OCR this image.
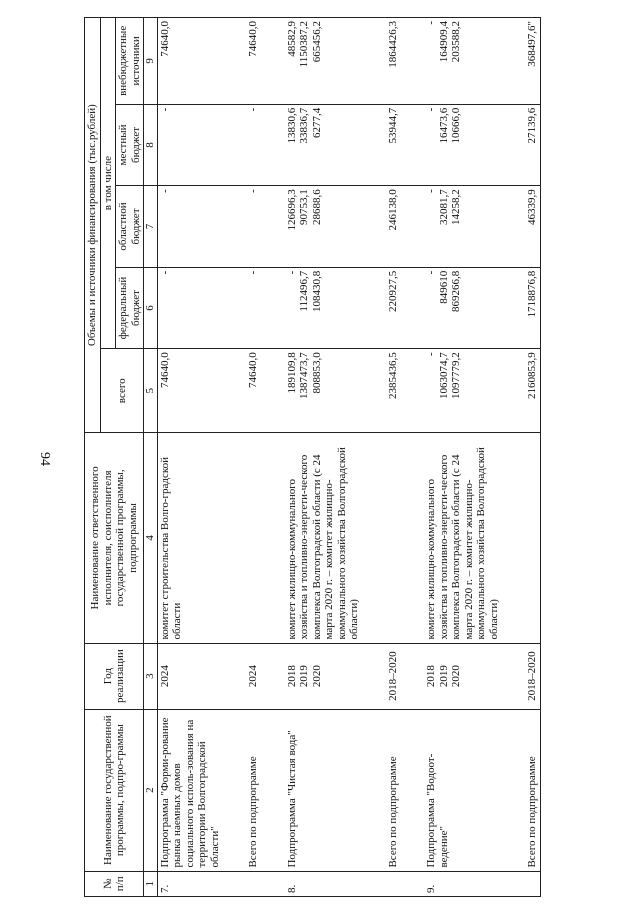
94
№ п/п	Наименование государственной программы, подпро-граммы	Год реализации	Наименование ответственного исполнителя, соисполнителя государственной программы, подпрограммы	Объемы и источники финансирования (тыс.рублей)				
				всего	в том числе			
					федеральный бюджет	областной бюджет	местный бюджет	внебюджетные источники
1	2	3	4	5	6	7	8	9
7.	Подпрограмма "Форми-рование рынка наемных домов социального исполь-зования на территории Волгоградской области"	2024	комитет строительства Волго-градской области	74640,0	-	-	-	74640,0

	Всего по подпрограмме	2024		74640,0	-	-	-	74640,0

8.	Подпрограмма "Чистая вода"	2018 2019 2020	комитет жилищно-коммунального хозяйства и топливно-энергети-ческого комплекса Волгоградской области (с 24 марта 2020 г. – комитет жилищно-коммунального хозяйства Волгоградской области)	189109,8 1387473,7 808853,0	- 112496,7 108430,8	126696,3 90753,1 28688,6	13830,6 33836,7 6277,4	48582,9 1150387,2 665456,2

	Всего по подпрограмме	2018–2020		2385436,5	220927,5	246138,0	53944,7	1864426,3

9.	Подпрограмма "Водоот-ведение"	2018 2019 2020	комитет жилищно-коммунального хозяйства и топливно-энергети-ческого комплекса Волгоградской области (с 24 марта 2020 г. – комитет жилищно-коммунального хозяйства Волгоградской области)	- 1063074,7 1097779,2	- 849610 869266,8	- 32081,7 14258,2	- 16473,6 10666,0	- 164909,4 203588,2

	Всего по подпрограмме	2018–2020		2160853,9	1718876,8	46339,9	27139,6	368497,6"
